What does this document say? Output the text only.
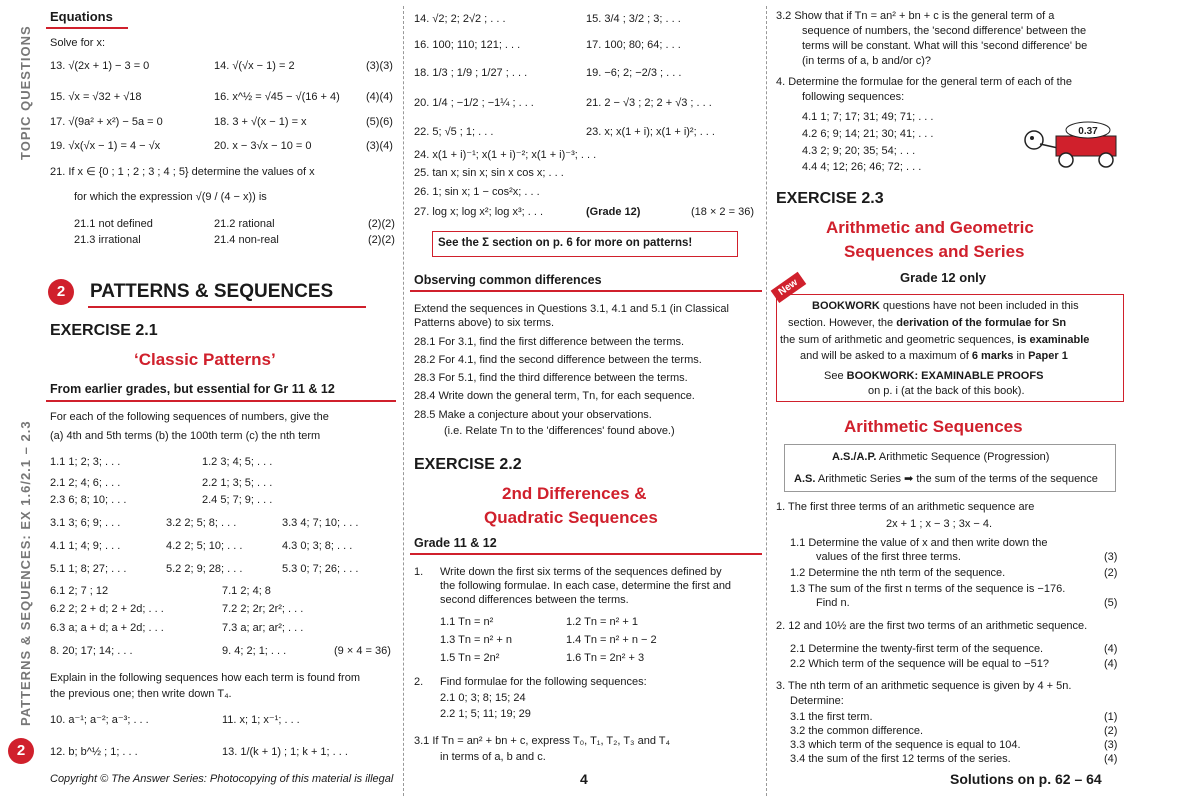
TOPIC QUESTIONS
PATTERNS & SEQUENCES: EX 1.6/2.1 – 2.3
2
Equations
Solve for x:
13. √(2x + 1) − 3 = 0	14. √(√x − 1) = 2	(3)(3)
15. √x = √32 + √18	16. x^½ = √45 − √(16 + 4) (4)(4)
17. √(9a² + x²) − 5a = 0	18. 3 + √(x − 1) = x	(5)(6)
19. √x(√x − 1) = 4 − √x	20. x − 3√x − 10 = 0	(3)(4)
21. If x ∈ {0 ; 1 ; 2 ; 3 ; 4 ; 5} determine the values of x
for which the expression √(9 / (4 − x)) is
21.1 not defined	21.2 rational	(2)(2)
21.3 irrational	21.4 non-real	(2)(2)
2	PATTERNS & SEQUENCES
EXERCISE 2.1
‘Classic Patterns’
From earlier grades, but essential for Gr 11 & 12
For each of the following sequences of numbers, give the
(a) 4th and 5th terms (b) the 100th term (c) the nth term
1.1 1; 2; 3; . . .	1.2 3; 4; 5; . . .
2.1 2; 4; 6; . . .	2.2 1; 3; 5; . . .
2.3 6; 8; 10; . . .	2.4 5; 7; 9; . . .
3.1 3; 6; 9; . . .	3.2 2; 5; 8; . . .	3.3 4; 7; 10; . . .
4.1 1; 4; 9; . . .	4.2 2; 5; 10; . . .	4.3 0; 3; 8; . . .
5.1 1; 8; 27; . . .	5.2 2; 9; 28; . . .	5.3 0; 7; 26; . . .
6.1 2; 7 ; 12	7.1 2; 4; 8
6.2 2; 2 + d; 2 + 2d; . . .	7.2 2; 2r; 2r²; . . .
6.3 a; a + d; a + 2d; . . .	7.3 a; ar; ar²; . . .
8. 20; 17; 14; . . .	9. 4; 2; 1; . . .	(9 × 4 = 36)
Explain in the following sequences how each term is found from
the previous one; then write down T₄.
10. a⁻¹; a⁻²; a⁻³; . . .	11. x; 1; x⁻¹; . . .
12. b; b^½ ; 1; . . .	13. 1/(k + 1) ; 1; k + 1; . . .
Copyright © The Answer Series: Photocopying of this material is illegal
14. √2; 2; 2√2 ; . . .	15. 3/4 ; 3/2 ; 3; . . .
16. 100; 110; 121; . . .	17. 100; 80; 64; . . .
18. 1/3 ; 1/9 ; 1/27 ; . . .	19. −6; 2; −2/3 ; . . .
20. 1/4 ; −1/2 ; −1¼ ; . . .	21. 2 − √3 ; 2; 2 + √3 ; . . .
22. 5; √5 ; 1; . . .	23. x; x(1 + i); x(1 + i)²; . . .
24. x(1 + i)⁻¹; x(1 + i)⁻²; x(1 + i)⁻³; . . .
25. tan x; sin x; sin x cos x; . . .
26. 1; sin x; 1 − cos²x; . . .
27. log x; log x²; log x³; . . .	(Grade 12)	(18 × 2 = 36)
See the Σ section on p. 6 for more on patterns!
Observing common differences
Extend the sequences in Questions 3.1, 4.1 and 5.1 (in Classical
Patterns above) to six terms.
28.1 For 3.1, find the first difference between the terms.
28.2 For 4.1, find the second difference between the terms.
28.3 For 5.1, find the third difference between the terms.
28.4 Write down the general term, Tn, for each sequence.
28.5 Make a conjecture about your observations.
(i.e. Relate Tn to the 'differences' found above.)
EXERCISE 2.2
2nd Differences &
Quadratic Sequences
Grade 11 & 12
1. Write down the first six terms of the sequences defined by
the following formulae. In each case, determine the first and
second differences between the terms.
1.1 Tn = n²	1.2 Tn = n² + 1
1.3 Tn = n² + n	1.4 Tn = n² + n − 2
1.5 Tn = 2n²	1.6 Tn = 2n² + 3
2. Find formulae for the following sequences:
2.1 0; 3; 8; 15; 24
2.2 1; 5; 11; 19; 29
3.1 If Tn = an² + bn + c, express T₀, T₁, T₂, T₃ and T₄
in terms of a, b and c.
4
3.2 Show that if Tn = an² + bn + c is the general term of a
sequence of numbers, the 'second difference' between the
terms will be constant. What will this 'second difference' be
(in terms of a, b and/or c)?
4. Determine the formulae for the general term of each of the
following sequences:
4.1 1; 7; 17; 31; 49; 71; . . .
4.2 6; 9; 14; 21; 30; 41; . . .
4.3 2; 9; 20; 35; 54; . . .
4.4 4; 12; 26; 46; 72; . . .
EXERCISE 2.3
Arithmetic and Geometric
Sequences and Series
Grade 12 only
New
BOOKWORK questions have not been included in this
section. However, the derivation of the formulae for Sn
the sum of arithmetic and geometric sequences, is examinable
and will be asked to a maximum of 6 marks in Paper 1
See BOOKWORK: EXAMINABLE PROOFS
on p. i (at the back of this book).
Arithmetic Sequences
A.S./A.P. Arithmetic Sequence (Progression)
A.S. Arithmetic Series ➡ the sum of the terms of the sequence
1. The first three terms of an arithmetic sequence are
2x + 1 ; x − 3 ; 3x − 4.
1.1 Determine the value of x and then write down the
values of the first three terms.	(3)
1.2 Determine the nth term of the sequence.	(2)
1.3 The sum of the first n terms of the sequence is −176.
Find n.	(5)
2. 12 and 10½ are the first two terms of an arithmetic sequence.
2.1 Determine the twenty-first term of the sequence.	(4)
2.2 Which term of the sequence will be equal to −51?	(4)
3. The nth term of an arithmetic sequence is given by 4 + 5n.
Determine:
3.1 the first term.	(1)
3.2 the common difference.	(2)
3.3 which term of the sequence is equal to 104.	(3)
3.4 the sum of the first 12 terms of the series.	(4)
Solutions on p. 62 – 64
0.37
